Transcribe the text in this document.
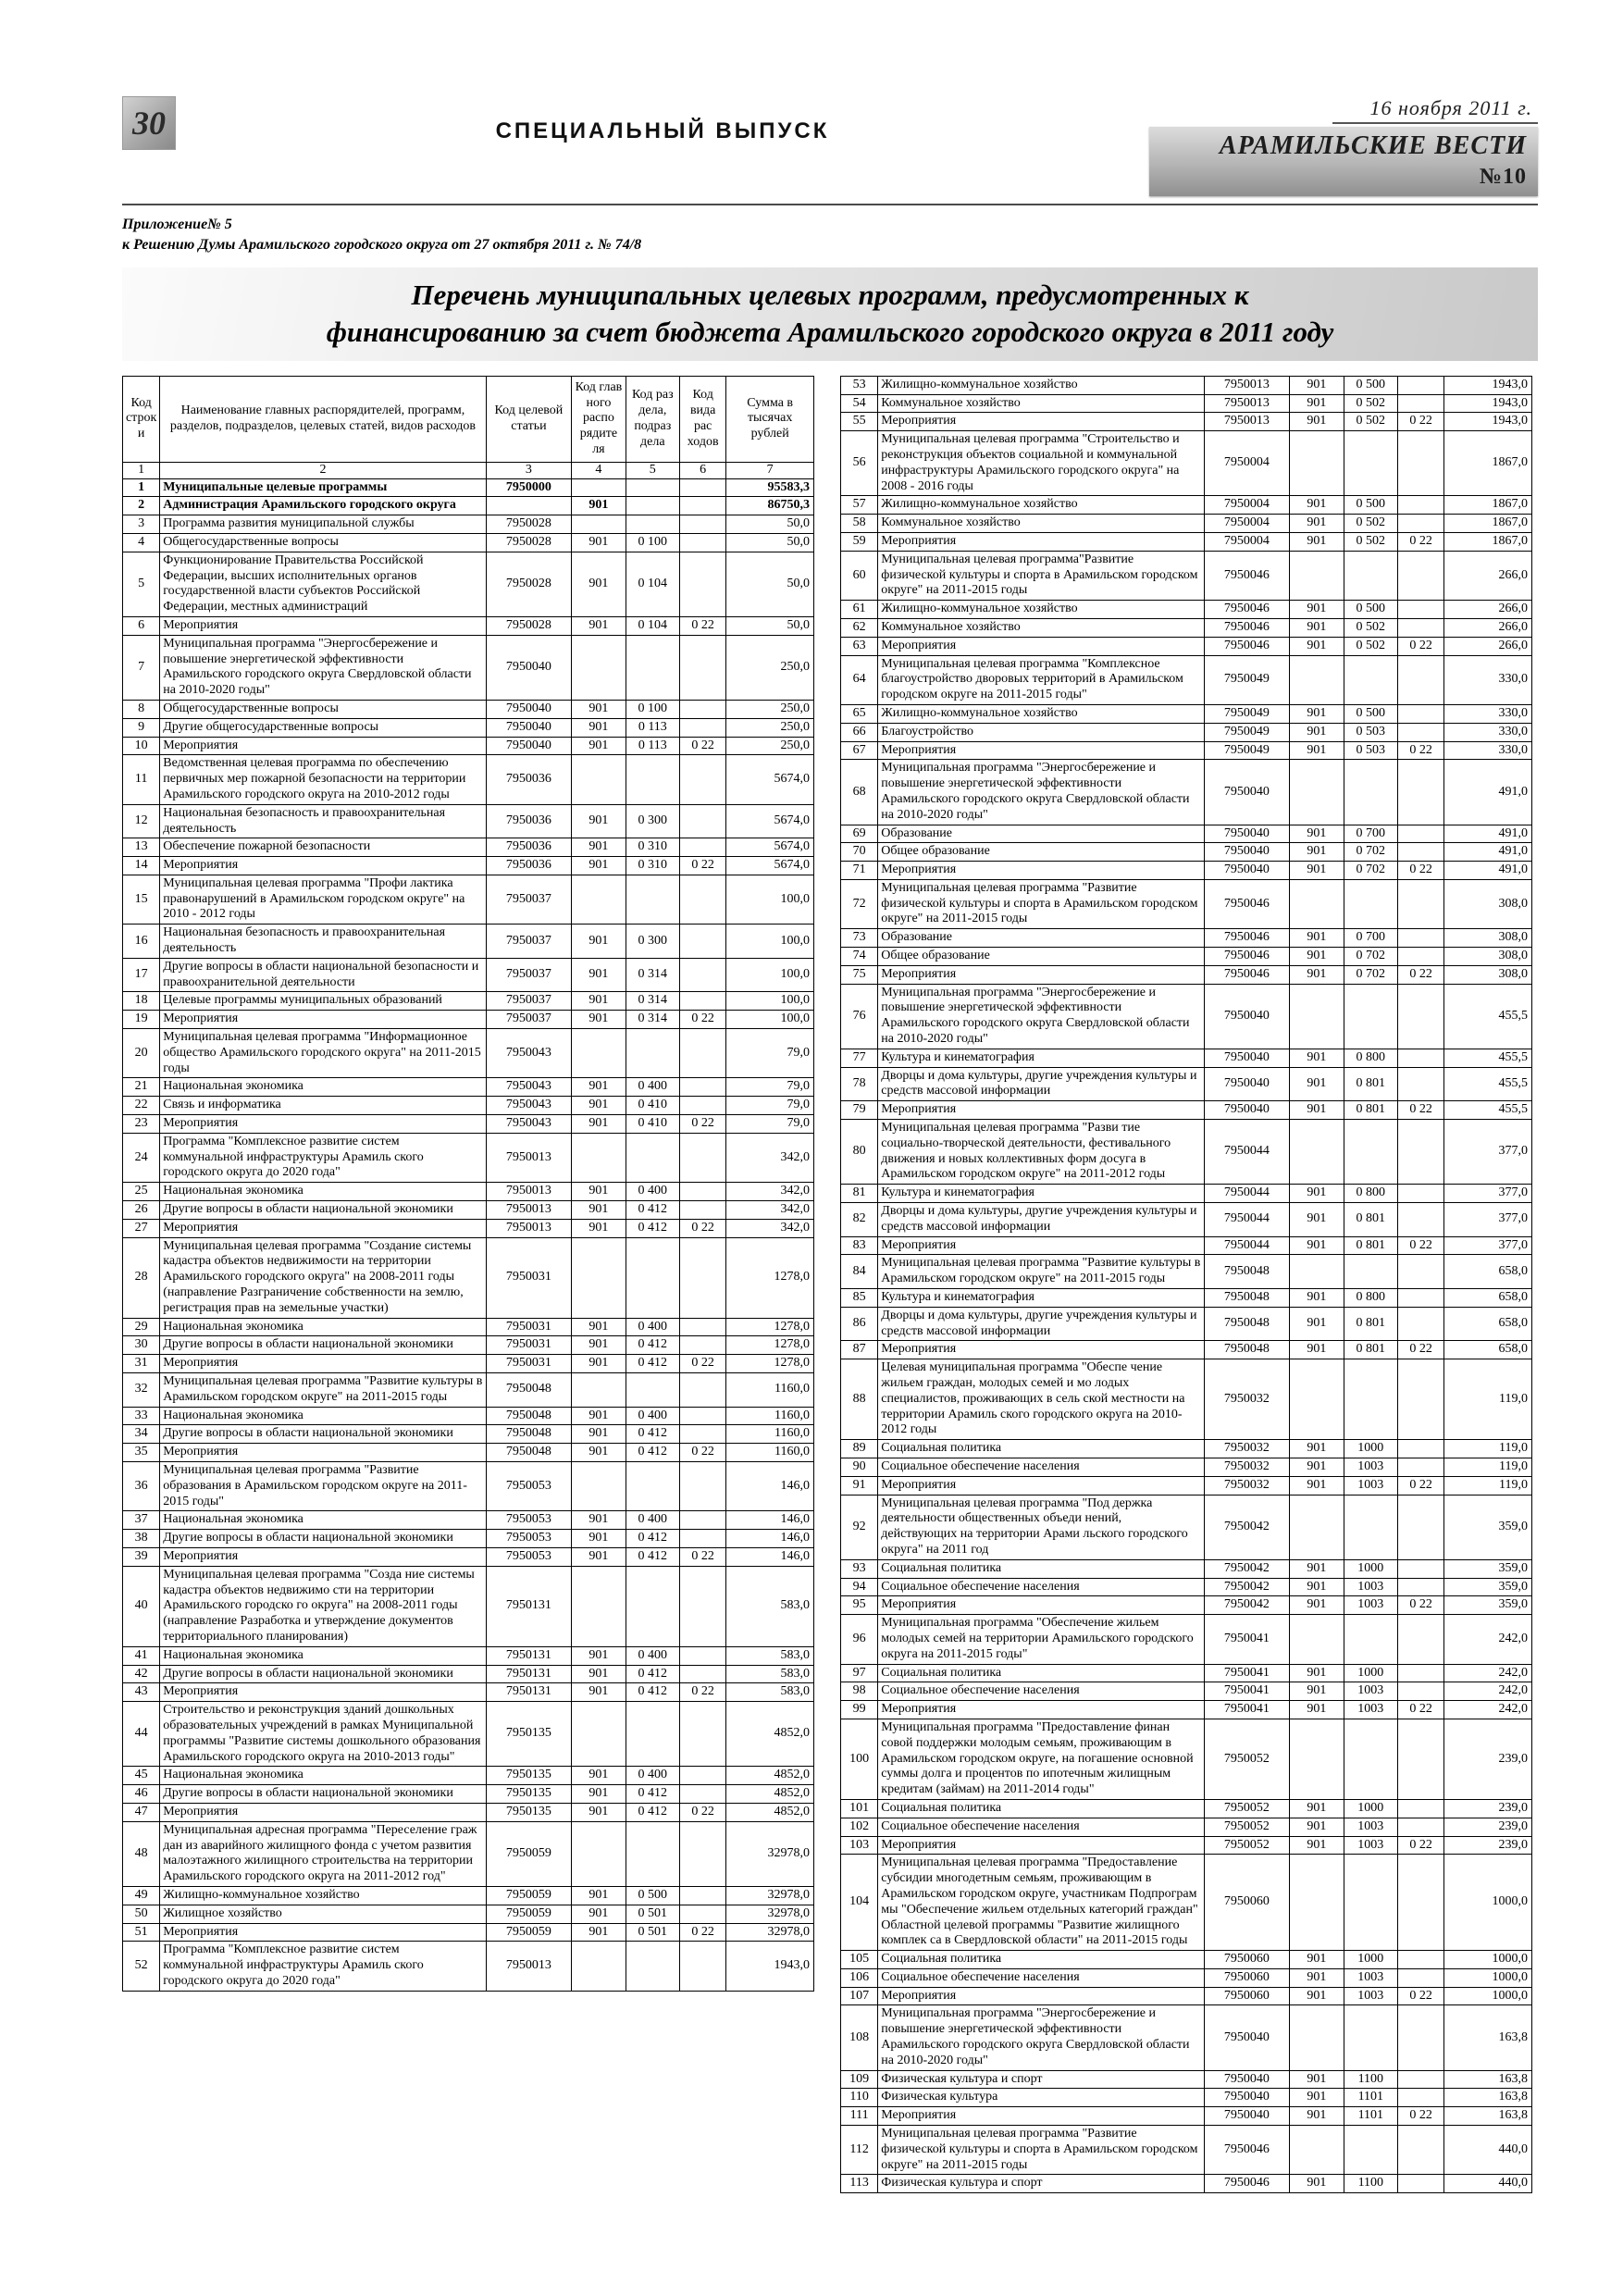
30	СПЕЦИАЛЬНЫЙ ВЫПУСК
16 ноября 2011 г.
АРАМИЛЬСКИЕ ВЕСТИ №10
Приложение№ 5
к Решению Думы Арамильского городского округа от 27 октября 2011 г. № 74/8
Перечень муниципальных целевых программ, предусмотренных к финансированию за счет бюджета Арамильского городского округа в 2011 году
Код строки	Наименование главных распорядителей, программ, разделов, подразделов, целевых статей, видов расходов	Код целевой статьи	Код глав ного распо рядите ля	Код раз дела, подраз дела	Код вида рас ходов	Сумма в тысячах рублей
1	2	3	4	5	6	7
1	Муниципальные целевые программы	7950000				95583,3
2	Администрация Арамильского городского округа		901			86750,3
3	Программа развития муниципальной службы	7950028				50,0
4	Общегосударственные вопросы	7950028	901	0 100		50,0
5	Функционирование Правительства Российской Федерации, высших исполнительных органов государственной власти субъектов Российской Федерации, местных администраций	7950028	901	0 104		50,0
6	Мероприятия	7950028	901	0 104	0 22	50,0
7	Муниципальная программа "Энергосбережение и повышение энергетической эффективности Арамильского городского округа Свердловской области на 2010-2020 годы"	7950040				250,0
8	Общегосударственные вопросы	7950040	901	0 100		250,0
9	Другие общегосударственные вопросы	7950040	901	0 113		250,0
10	Мероприятия	7950040	901	0 113	0 22	250,0
11	Ведомственная целевая программа по обеспечению первичных мер пожарной безопасности на территории Арамильского городского округа на 2010-2012 годы	7950036				5674,0
12	Национальная безопасность и правоохранительная деятельность	7950036	901	0 300		5674,0
13	Обеспечение пожарной безопасности	7950036	901	0 310		5674,0
14	Мероприятия	7950036	901	0 310	0 22	5674,0
15	Муниципальная целевая программа "Профи лактика правонарушений в Арамильском городском округе" на 2010 - 2012 годы	7950037				100,0
16	Национальная безопасность и правоохранительная деятельность	7950037	901	0 300		100,0
17	Другие вопросы в области национальной безопасности и правоохранительной деятельности	7950037	901	0 314		100,0
18	Целевые программы муниципальных образований	7950037	901	0 314		100,0
19	Мероприятия	7950037	901	0 314	0 22	100,0
20	Муниципальная целевая программа "Информационное общество Арамильского городского округа" на 2011-2015 годы	7950043				79,0
21	Национальная экономика	7950043	901	0 400		79,0
22	Связь и информатика	7950043	901	0 410		79,0
23	Мероприятия	7950043	901	0 410	0 22	79,0
24	Программа "Комплексное развитие систем коммунальной инфраструктуры Арамиль ского городского округа до 2020 года"	7950013				342,0
25	Национальная экономика	7950013	901	0 400		342,0
26	Другие вопросы в области национальной экономики	7950013	901	0 412		342,0
27	Мероприятия	7950013	901	0 412	0 22	342,0
28	Муниципальная целевая программа "Создание системы кадастра объектов недвижимости на территории Арамильского городского округа" на 2008-2011 годы (направление Разграничение собственности на землю, регистрация прав на земельные участки)	7950031				1278,0
29	Национальная экономика	7950031	901	0 400		1278,0
30	Другие вопросы в области национальной экономики	7950031	901	0 412		1278,0
31	Мероприятия	7950031	901	0 412	0 22	1278,0
32	Муниципальная целевая программа "Развитие культуры в Арамильском городском округе" на 2011-2015 годы	7950048				1160,0
33	Национальная экономика	7950048	901	0 400		1160,0
34	Другие вопросы в области национальной экономики	7950048	901	0 412		1160,0
35	Мероприятия	7950048	901	0 412	0 22	1160,0
36	Муниципальная целевая программа "Развитие образования в Арамильском городском округе на 2011-2015 годы"	7950053				146,0
37	Национальная экономика	7950053	901	0 400		146,0
38	Другие вопросы в области национальной экономики	7950053	901	0 412		146,0
39	Мероприятия	7950053	901	0 412	0 22	146,0
40	Муниципальная целевая программа "Созда ние системы кадастра объектов недвижимо сти на территории Арамильского городско го округа" на 2008-2011 годы (направление Разработка и утверждение документов территориального планирования)	7950131				583,0
41	Национальная экономика	7950131	901	0 400		583,0
42	Другие вопросы в области национальной экономики	7950131	901	0 412		583,0
43	Мероприятия	7950131	901	0 412	0 22	583,0
44	Строительство и реконструкция зданий дошкольных образовательных учреждений в рамках Муниципальной программы "Развитие системы дошкольного образования Арамильского городского округа на 2010-2013 годы"	7950135				4852,0
45	Национальная экономика	7950135	901	0 400		4852,0
46	Другие вопросы в области национальной экономики	7950135	901	0 412		4852,0
47	Мероприятия	7950135	901	0 412	0 22	4852,0
48	Муниципальная адресная программа "Переселение граж дан из аварийного жилищного фонда с учетом развития малоэтажного жилищного строительства на территории Арамильского городского округа на 2011-2012 год"	7950059				32978,0
49	Жилищно-коммунальное хозяйство	7950059	901	0 500		32978,0
50	Жилищное хозяйство	7950059	901	0 501		32978,0
51	Мероприятия	7950059	901	0 501	0 22	32978,0
52	Программа "Комплексное развитие систем коммунальной инфраструктуры Арамиль ского городского округа до 2020 года"	7950013				1943,0
53	Жилищно-коммунальное хозяйство	7950013	901	0 500		1943,0
54	Коммунальное хозяйство	7950013	901	0 502		1943,0
55	Мероприятия	7950013	901	0 502	0 22	1943,0
56	Муниципальная целевая программа "Строительство и реконструкция объектов социальной и коммунальной инфраструктуры Арамильского городского округа" на 2008 - 2016 годы	7950004				1867,0
57	Жилищно-коммунальное хозяйство	7950004	901	0 500		1867,0
58	Коммунальное хозяйство	7950004	901	0 502		1867,0
59	Мероприятия	7950004	901	0 502	0 22	1867,0
60	Муниципальная целевая программа"Развитие физической культуры и спорта в Арамильском городском округе" на 2011-2015 годы	7950046				266,0
61	Жилищно-коммунальное хозяйство	7950046	901	0 500		266,0
62	Коммунальное хозяйство	7950046	901	0 502		266,0
63	Мероприятия	7950046	901	0 502	0 22	266,0
64	Муниципальная целевая программа "Комплексное благоустройство дворовых территорий в Арамильском городском округе на 2011-2015 годы"	7950049				330,0
65	Жилищно-коммунальное хозяйство	7950049	901	0 500		330,0
66	Благоустройство	7950049	901	0 503		330,0
67	Мероприятия	7950049	901	0 503	0 22	330,0
68	Муниципальная программа "Энергосбережение и повышение энергетической эффективности Арамильского городского округа Свердловской области на 2010-2020 годы"	7950040				491,0
69	Образование	7950040	901	0 700		491,0
70	Общее образование	7950040	901	0 702		491,0
71	Мероприятия	7950040	901	0 702	0 22	491,0
72	Муниципальная целевая программа "Развитие физической культуры и спорта в Арамильском городском округе" на 2011-2015 годы	7950046				308,0
73	Образование	7950046	901	0 700		308,0
74	Общее образование	7950046	901	0 702		308,0
75	Мероприятия	7950046	901	0 702	0 22	308,0
76	Муниципальная программа "Энергосбережение и повышение энергетической эффективности Арамильского городского округа Свердловской области на 2010-2020 годы"	7950040				455,5
77	Культура и кинематография	7950040	901	0 800		455,5
78	Дворцы и дома культуры, другие учреждения культуры и средств массовой информации	7950040	901	0 801		455,5
79	Мероприятия	7950040	901	0 801	0 22	455,5
80	Муниципальная целевая программа "Разви тие социально-творческой деятельности, фестивального движения и новых коллективных форм досуга в Арамильском городском округе" на 2011-2012 годы	7950044				377,0
81	Культура и кинематография	7950044	901	0 800		377,0
82	Дворцы и дома культуры, другие учреждения культуры и средств массовой информации	7950044	901	0 801		377,0
83	Мероприятия	7950044	901	0 801	0 22	377,0
84	Муниципальная целевая программа "Развитие культуры в Арамильском городском округе" на 2011-2015 годы	7950048				658,0
85	Культура и кинематография	7950048	901	0 800		658,0
86	Дворцы и дома культуры, другие учреждения культуры и средств массовой информации	7950048	901	0 801		658,0
87	Мероприятия	7950048	901	0 801	0 22	658,0
88	Целевая муниципальная программа "Обеспе чение жильем граждан, молодых семей и мо лодых специалистов, проживающих в сель ской местности на территории Арамиль ского городского округа на 2010-2012 годы	7950032				119,0
89	Социальная политика	7950032	901	1000		119,0
90	Социальное обеспечение населения	7950032	901	1003		119,0
91	Мероприятия	7950032	901	1003	0 22	119,0
92	Муниципальная целевая программа "Под держка деятельности общественных объеди нений, действующих на территории Арами льского городского округа" на 2011 год	7950042				359,0
93	Социальная политика	7950042	901	1000		359,0
94	Социальное обеспечение населения	7950042	901	1003		359,0
95	Мероприятия	7950042	901	1003	0 22	359,0
96	Муниципальная программа "Обеспечение жильем молодых семей на территории Арамильского городского округа на 2011-2015 годы"	7950041				242,0
97	Социальная политика	7950041	901	1000		242,0
98	Социальное обеспечение населения	7950041	901	1003		242,0
99	Мероприятия	7950041	901	1003	0 22	242,0
100	Муниципальная программа "Предоставление финан совой поддержки молодым семьям, проживающим в Арамильском городском округе, на погашение основной суммы долга и процентов по ипотечным жилищным кредитам (займам) на 2011-2014 годы"	7950052				239,0
101	Социальная политика	7950052	901	1000		239,0
102	Социальное обеспечение населения	7950052	901	1003		239,0
103	Мероприятия	7950052	901	1003	0 22	239,0
104	Муниципальная целевая программа "Предоставление субсидии многодетным семьям, проживающим в Арамильском городском округе, участникам Подпрограм мы "Обеспечение жильем отдельных категорий граждан" Областной целевой программы "Развитие жилищного комплек са в Свердловской области" на 2011-2015 годы	7950060				1000,0
105	Социальная политика	7950060	901	1000		1000,0
106	Социальное обеспечение населения	7950060	901	1003		1000,0
107	Мероприятия	7950060	901	1003	0 22	1000,0
108	Муниципальная программа "Энергосбережение и повышение энергетической эффективности Арамильского городского округа Свердловской области на 2010-2020 годы"	7950040				163,8
109	Физическая культура и спорт	7950040	901	1100		163,8
110	Физическая культура	7950040	901	1101		163,8
111	Мероприятия	7950040	901	1101	0 22	163,8
112	Муниципальная целевая программа "Развитие физической культуры и спорта в Арамильском городском округе" на 2011-2015 годы	7950046				440,0
113	Физическая культура и спорт	7950046	901	1100		440,0
